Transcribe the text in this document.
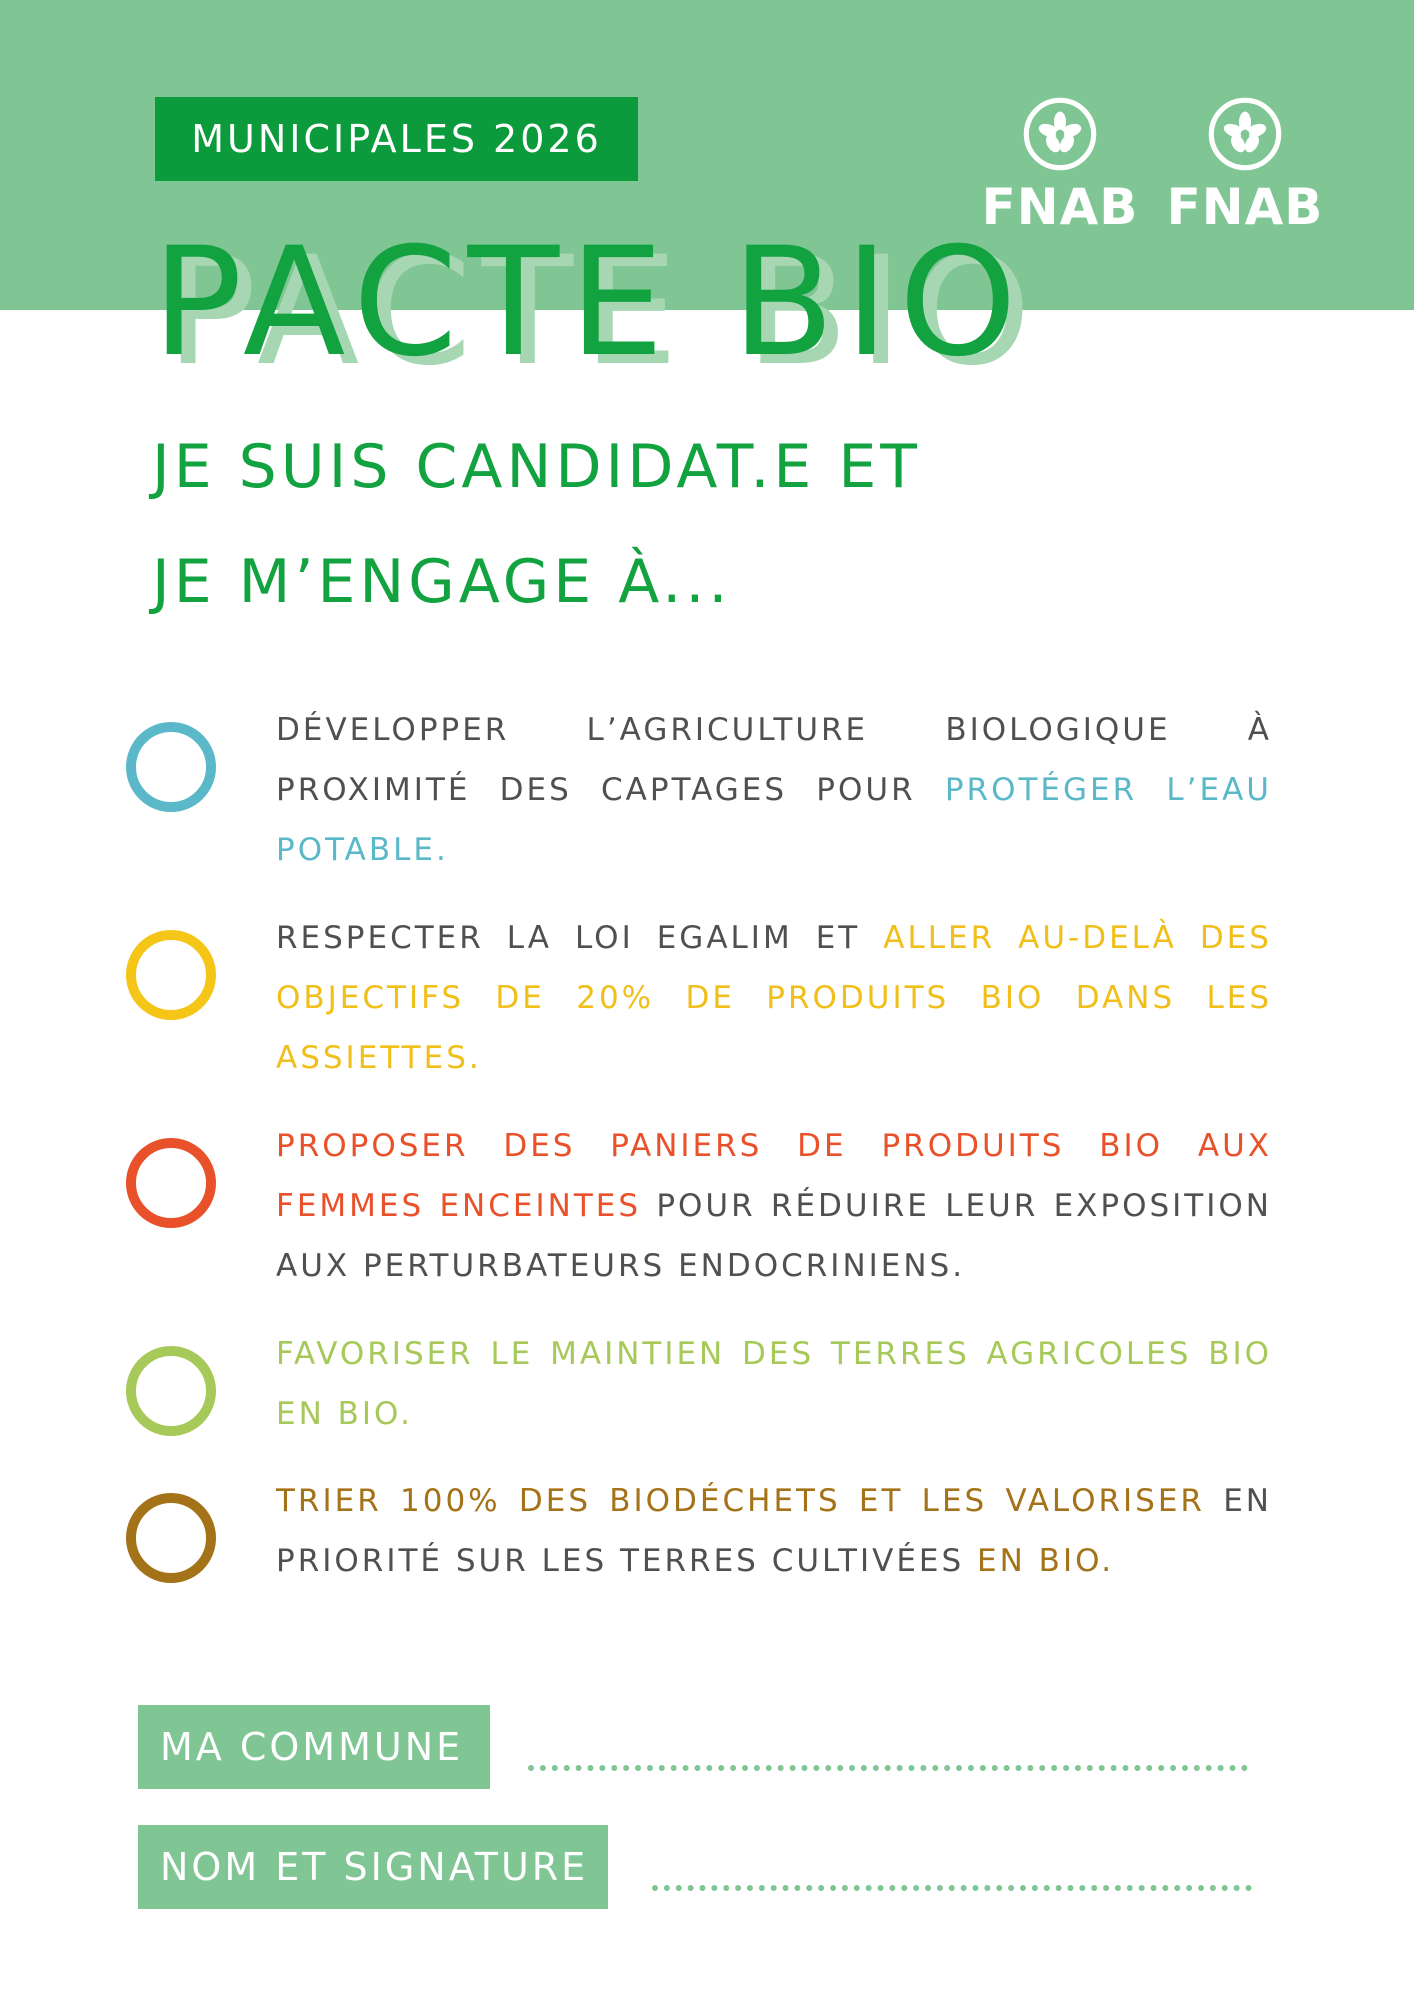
MUNICIPALES 2026
FNAB FNAB
PACTE BIO
JE SUIS CANDIDAT.E ET
JE M’ENGAGE À...

DÉVELOPPER L’AGRICULTURE BIOLOGIQUE À PROXIMITÉ DES CAPTAGES POUR PROTÉGER L’EAU POTABLE.

RESPECTER LA LOI EGALIM ET ALLER AU-DELÀ DES OBJECTIFS DE 20% DE PRODUITS BIO DANS LES ASSIETTES.

PROPOSER DES PANIERS DE PRODUITS BIO AUX FEMMES ENCEINTES POUR RÉDUIRE LEUR EXPOSITION AUX PERTURBATEURS ENDOCRINIENS.

FAVORISER LE MAINTIEN DES TERRES AGRICOLES BIO EN BIO.

TRIER 100% DES BIODÉCHETS ET LES VALORISER EN PRIORITÉ SUR LES TERRES CULTIVÉES EN BIO.

MA COMMUNE
NOM ET SIGNATURE
